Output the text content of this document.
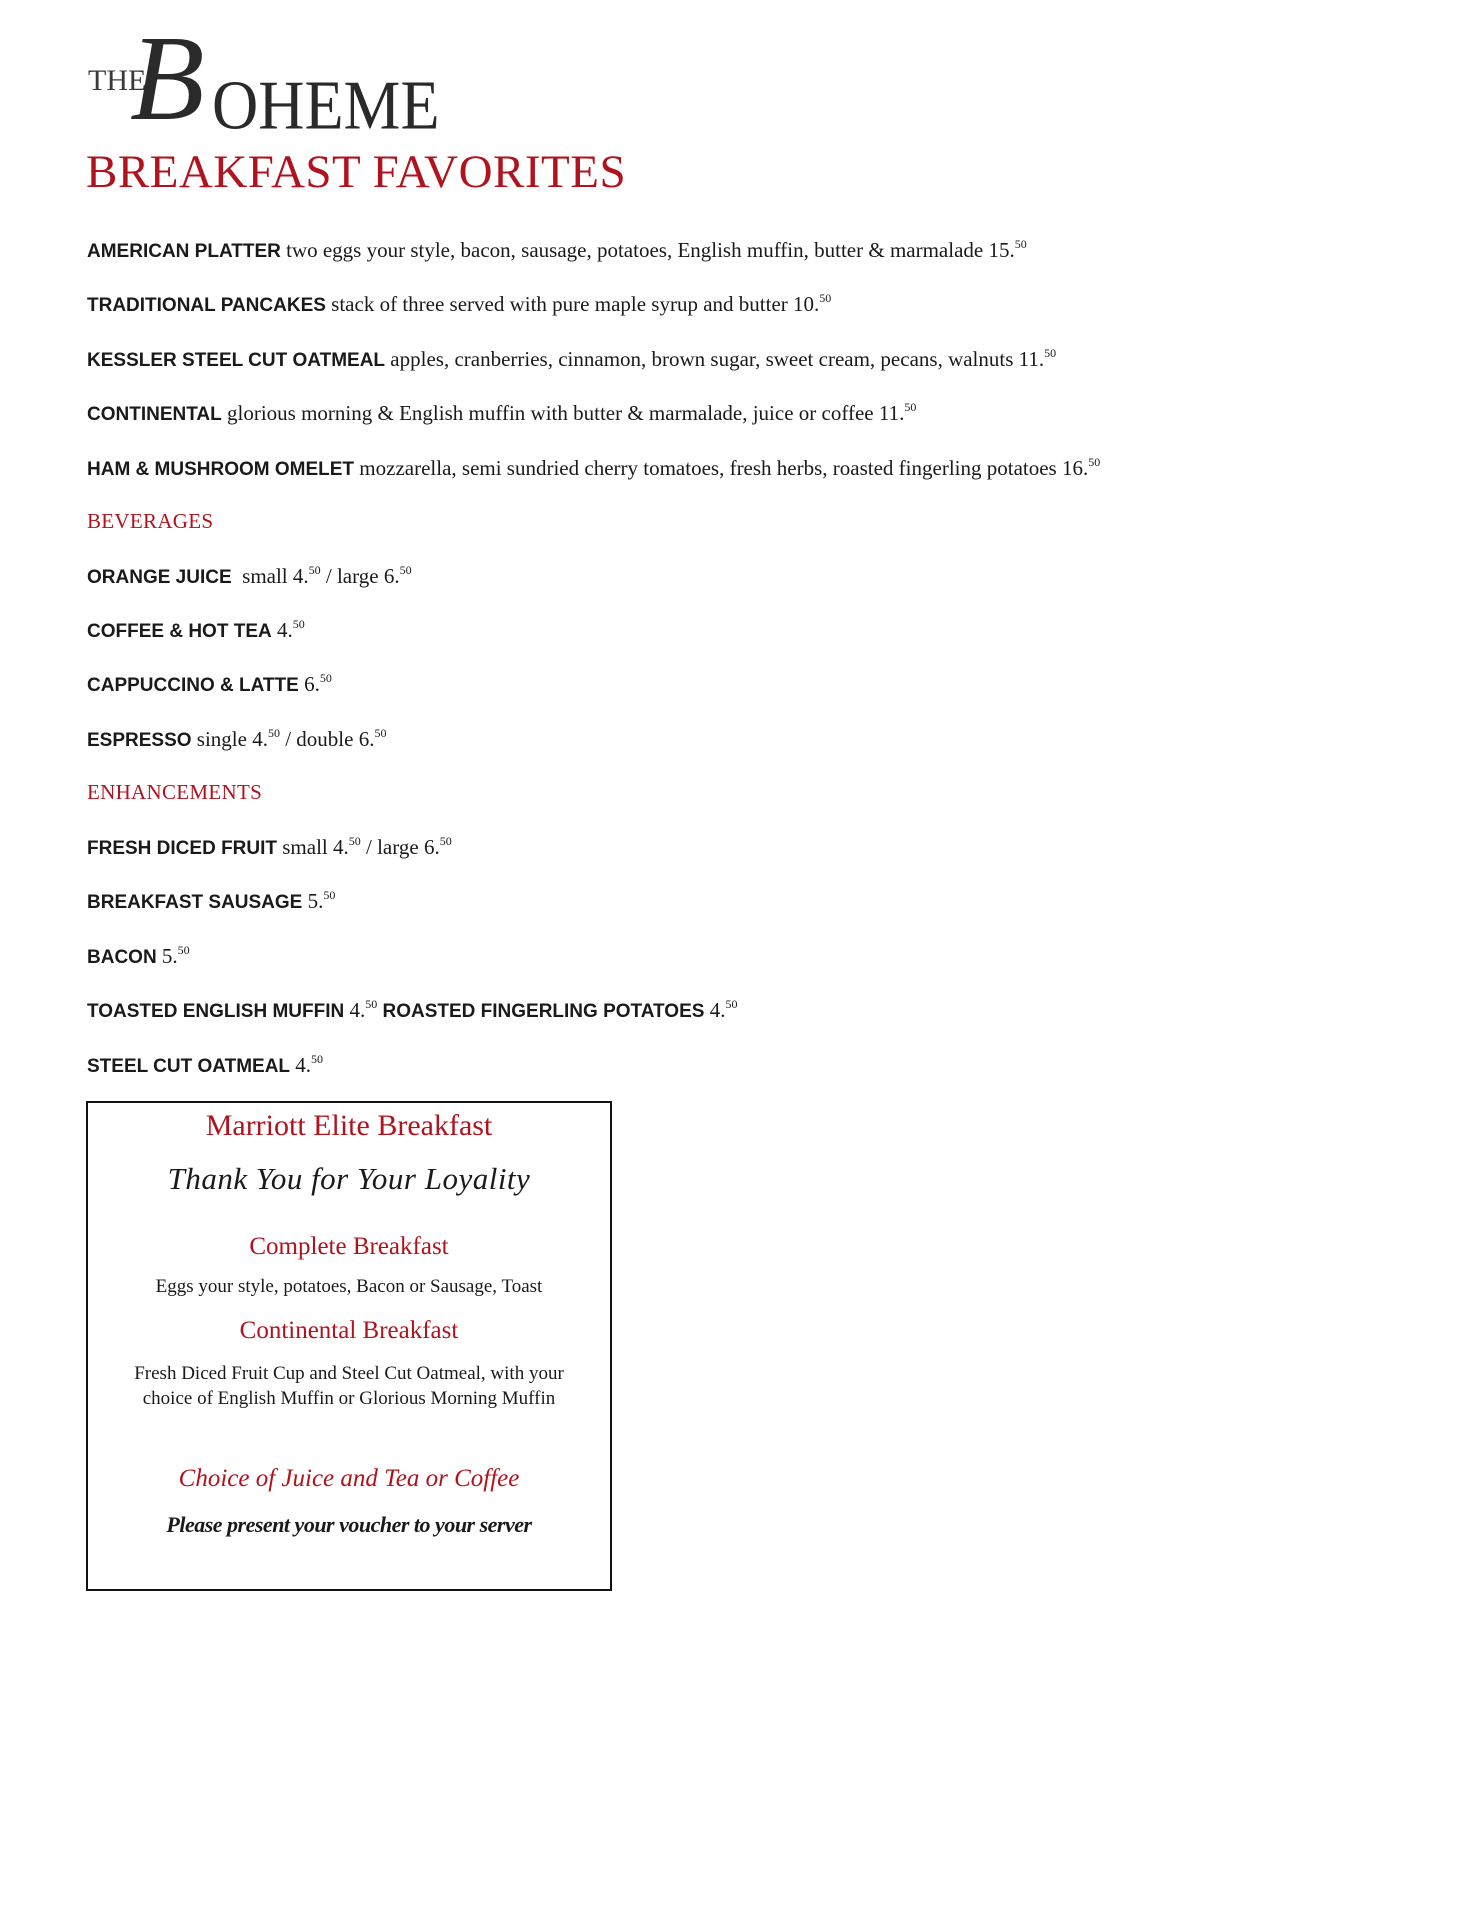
THE
B OHEME
BREAKFAST FAVORITES
AMERICAN PLATTER two eggs your style, bacon, sausage, potatoes, English muffin, butter & marmalade 15.50
TRADITIONAL PANCAKES stack of three served with pure maple syrup and butter 10.50
KESSLER STEEL CUT OATMEAL apples, cranberries, cinnamon, brown sugar, sweet cream, pecans, walnuts 11.50
CONTINENTAL glorious morning & English muffin with butter & marmalade, juice or coffee 11.50
HAM & MUSHROOM OMELET mozzarella, semi sundried cherry tomatoes, fresh herbs, roasted fingerling potatoes 16.50
BEVERAGES
ORANGE JUICE  small 4.50 / large 6.50
COFFEE & HOT TEA 4.50
CAPPUCCINO & LATTE 6.50
ESPRESSO single 4.50 / double 6.50
ENHANCEMENTS
FRESH DICED FRUIT small 4.50 / large 6.50
BREAKFAST SAUSAGE 5.50
BACON 5.50
TOASTED ENGLISH MUFFIN 4.50 ROASTED FINGERLING POTATOES 4.50
STEEL CUT OATMEAL 4.50
Marriott Elite Breakfast
Thank You for Your Loyality
Complete Breakfast
Eggs your style, potatoes, Bacon or Sausage, Toast
Continental Breakfast
Fresh Diced Fruit Cup and Steel Cut Oatmeal, with your
choice of English Muffin or Glorious Morning Muffin
Choice of Juice and Tea or Coffee
Please present your voucher to your server
